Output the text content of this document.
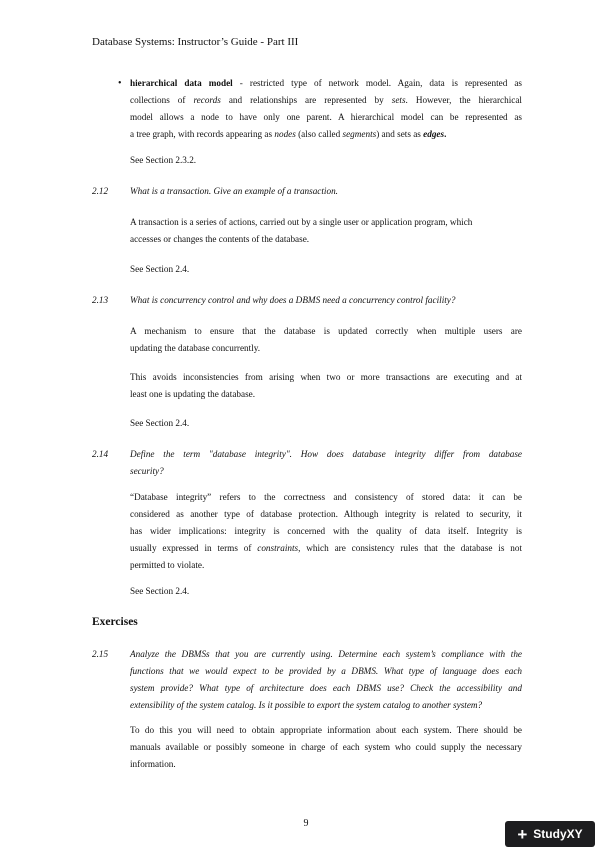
Database Systems: Instructor’s Guide - Part III
• hierarchical data model - restricted type of network model. Again, data is represented as
collections of records and relationships are represented by sets. However, the hierarchical
model allows a node to have only one parent. A hierarchical model can be represented as
a tree graph, with records appearing as nodes (also called segments) and sets as edges.
See Section 2.3.2.
2.12 What is a transaction. Give an example of a transaction.
A transaction is a series of actions, carried out by a single user or application program, which
accesses or changes the contents of the database.
See Section 2.4.
2.13 What is concurrency control and why does a DBMS need a concurrency control facility?
A mechanism to ensure that the database is updated correctly when multiple users are
updating the database concurrently.
This avoids inconsistencies from arising when two or more transactions are executing and at
least one is updating the database.
See Section 2.4.
2.14 Define the term "database integrity". How does database integrity differ from database
security?
“Database integrity” refers to the correctness and consistency of stored data: it can be
considered as another type of database protection. Although integrity is related to security, it
has wider implications: integrity is concerned with the quality of data itself. Integrity is
usually expressed in terms of constraints, which are consistency rules that the database is not
permitted to violate.
See Section 2.4.
Exercises
2.15 Analyze the DBMSs that you are currently using. Determine each system’s compliance with the
functions that we would expect to be provided by a DBMS. What type of language does each
system provide? What type of architecture does each DBMS use? Check the accessibility and
extensibility of the system catalog. Is it possible to export the system catalog to another system?
To do this you will need to obtain appropriate information about each system. There should be
manuals available or possibly someone in charge of each system who could supply the necessary
information.
9
+ StudyXY
